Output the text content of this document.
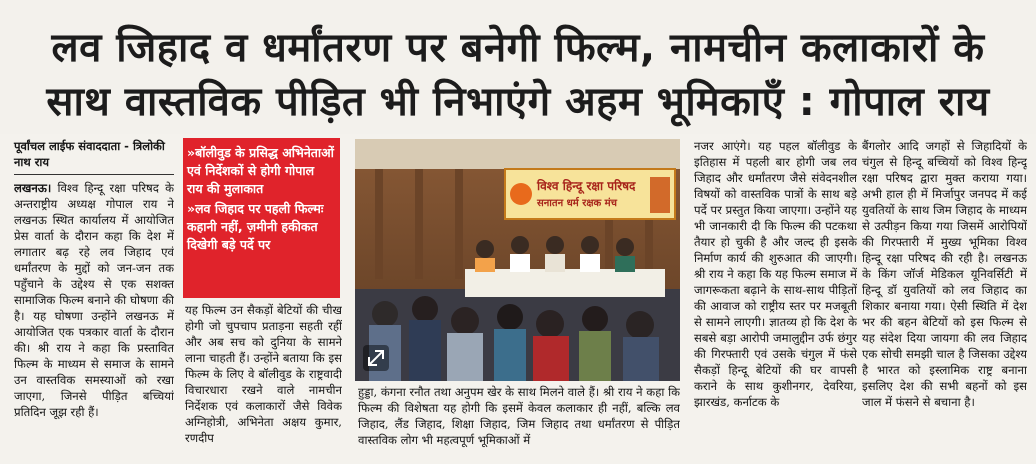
लव जिहाद व धर्मांतरण पर बनेगी फिल्म, नामचीन कलाकारों के
साथ वास्तविक पीड़ित भी निभाएंगे अहम भूमिकाएँ : गोपाल राय
पूर्वांचल लाईफ संवाददाता - त्रिलोकी नाथ राय

लखनऊ। विश्व हिन्दू रक्षा परिषद के अन्तराष्ट्रीय अध्यक्ष गोपाल राय ने लखनऊ स्थित कार्यालय में आयोजित प्रेस वार्ता के दौरान कहा कि देश में लगातार बढ़ रहे लव जिहाद एवं धर्मांतरण के मुद्दों को जन-जन तक पहुँचाने के उद्देश्य से एक सशक्त सामाजिक फिल्म बनाने की घोषणा की है। यह घोषणा उन्होंने लखनऊ में आयोजित एक पत्रकार वार्ता के दौरान की। श्री राय ने कहा कि प्रस्तावित फिल्म के माध्यम से समाज के सामने उन वास्तविक समस्याओं को रखा जाएगा, जिनसे पीड़ित बच्चियां प्रतिदिन जूझ रही हैं।

»बॉलीवुड के प्रसिद्ध अभिनेताओं एवं निर्देशकों से होगी गोपाल राय की मुलाकात
»लव जिहाद पर पहली फिल्मः कहानी नहीं, ज़मीनी हकीकत दिखेगी बड़े पर्दे पर

यह फिल्म उन सैकड़ों बेटियों की चीख होगी जो चुपचाप प्रताड़ना सहती रहीं और अब सच को दुनिया के सामने लाना चाहती हैं। उन्होंने बताया कि इस फिल्म के लिए वे बॉलीवुड के राष्ट्रवादी विचारधारा रखने वाले नामचीन निर्देशक एवं कलाकारों जैसे विवेक अग्निहोत्री, अभिनेता अक्षय कुमार, रणदीप

विश्व हिन्दू रक्षा परिषद
सनातन धर्म रक्षक मंच

हुड्डा, कंगना रनौत तथा अनुपम खेर के साथ मिलने वाले हैं। श्री राय ने कहा कि फिल्म की विशेषता यह होगी कि इसमें केवल कलाकार ही नहीं, बल्कि लव जिहाद, लैंड जिहाद, शिक्षा जिहाद, जिम जिहाद तथा धर्मांतरण से पीड़ित वास्तविक लोग भी महत्वपूर्ण भूमिकाओं में

नजर आएंगे। यह पहल बॉलीवुड के इतिहास में पहली बार होगी जब लव जिहाद और धर्मांतरण जैसे संवेदनशील विषयों को वास्तविक पात्रों के साथ बड़े पर्दे पर प्रस्तुत किया जाएगा। उन्होंने यह भी जानकारी दी कि फिल्म की पटकथा तैयार हो चुकी है और जल्द ही इसके निर्माण कार्य की शुरुआत की जाएगी। श्री राय ने कहा कि यह फिल्म समाज में जागरूकता बढ़ाने के साथ-साथ पीड़ितों की आवाज को राष्ट्रीय स्तर पर मजबूती से सामने लाएगी। ज्ञातव्य हो कि देश के सबसे बड़ा आरोपी जमालुद्दीन उर्फ छंगुर की गिरफ्तारी एवं उसके चंगुल में फंसे सैकड़ों हिन्दू बेटियों की घर वापसी कराने के साथ कुशीनगर, देवरिया, झारखंड, कर्नाटक के

बैंगलोर आदि जगहों से जिहादियों के चंगुल से हिन्दू बच्चियों को विश्व हिन्दू रक्षा परिषद द्वारा मुक्त कराया गया। अभी हाल ही में मिर्जापुर जनपद में कई युवतियों के साथ जिम जिहाद के माध्यम से उत्पीड़न किया गया जिसमें आरोपियों की गिरफ्तारी में मुख्य भूमिका विश्व हिन्दू रक्षा परिषद की रही है। लखनऊ के किंग जॉर्ज मेडिकल यूनिवर्सिटी में हिन्दू डॉ युवतियों को लव जिहाद का शिकार बनाया गया। ऐसी स्थिति में देश भर की बहन बेटियों को इस फिल्म से यह संदेश दिया जायगा की लव जिहाद एक सोची समझी चाल है जिसका उद्देश्य है भारत को इस्लामिक राष्ट्र बनाना इसलिए देश की सभी बहनों को इस जाल में फंसने से बचाना है।
